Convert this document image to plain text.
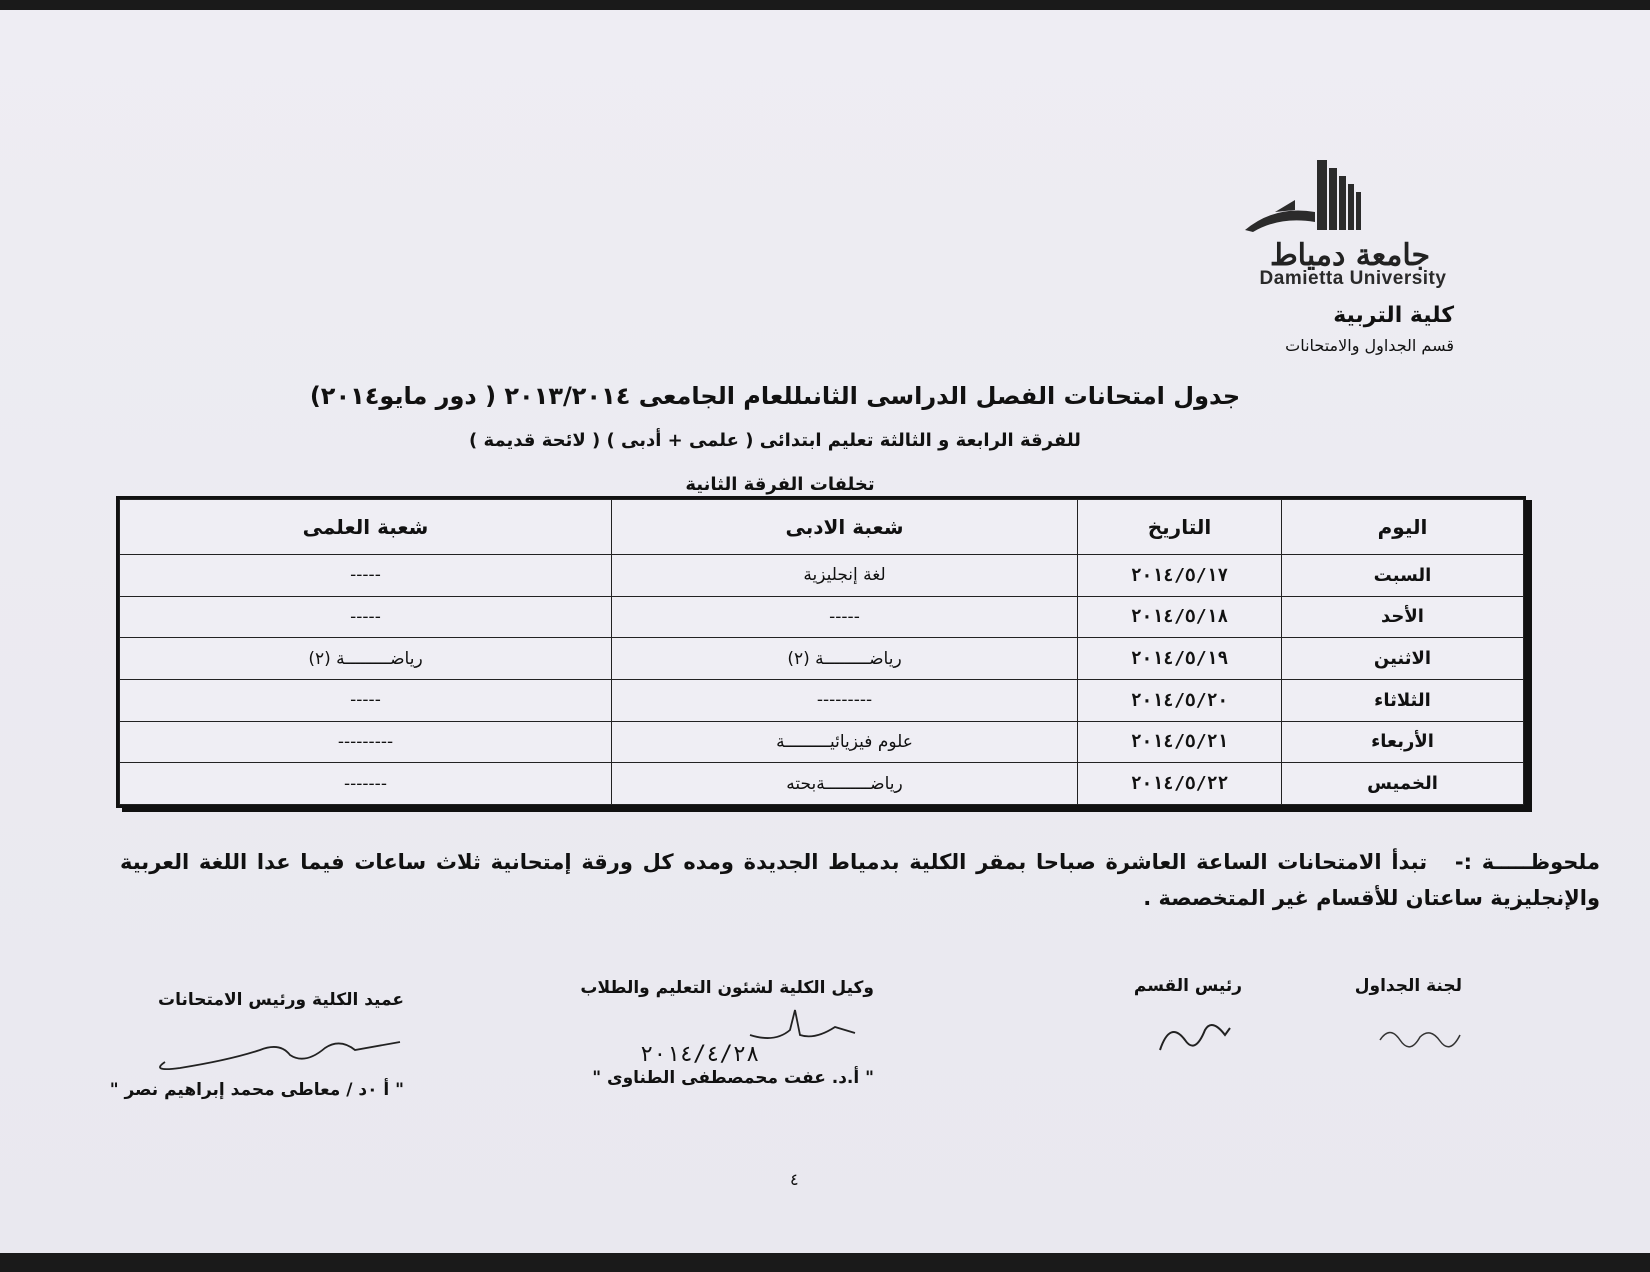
جامعة دمياط
Damietta University
كلية التربية
قسم الجداول والامتحانات
جدول امتحانات الفصل الدراسى الثانىللعام الجامعى ٢٠١٣/٢٠١٤ ( دور مايو٢٠١٤)
للفرقة الرابعة و الثالثة تعليم ابتدائى ( علمى + أدبى ) ( لائحة قديمة )
تخلفات الفرقة الثانية
اليوم	التاريخ	شعبة الادبى	شعبة العلمى
السبت	٢٠١٤/٥/١٧	لغة إنجليزية	-----
الأحد	٢٠١٤/٥/١٨	-----	-----
الاثنين	٢٠١٤/٥/١٩	رياضـــــــــة (٢)	رياضـــــــــة (٢)
الثلاثاء	٢٠١٤/٥/٢٠	---------	-----
الأربعاء	٢٠١٤/٥/٢١	علوم فيزيائيـــــــــة	---------
الخميس	٢٠١٤/٥/٢٢	رياضـــــــــةبحته	-------
ملحوظـــــة :- تبدأ الامتحانات الساعة العاشرة صباحا بمقر الكلية بدمياط الجديدة ومده كل ورقة إمتحانية ثلاث ساعات فيما عدا اللغة العربية والإنجليزية ساعتان للأقسام غير المتخصصة .
لجنة الجداول
رئيس القسم
وكيل الكلية لشئون التعليم والطلاب
" أ.د. عفت محمصطفى الطناوى "
٢٠١٤/٤/٢٨
عميد الكلية ورئيس الامتحانات
" أ ٠د / معاطى محمد إبراهيم نصر "
٤
